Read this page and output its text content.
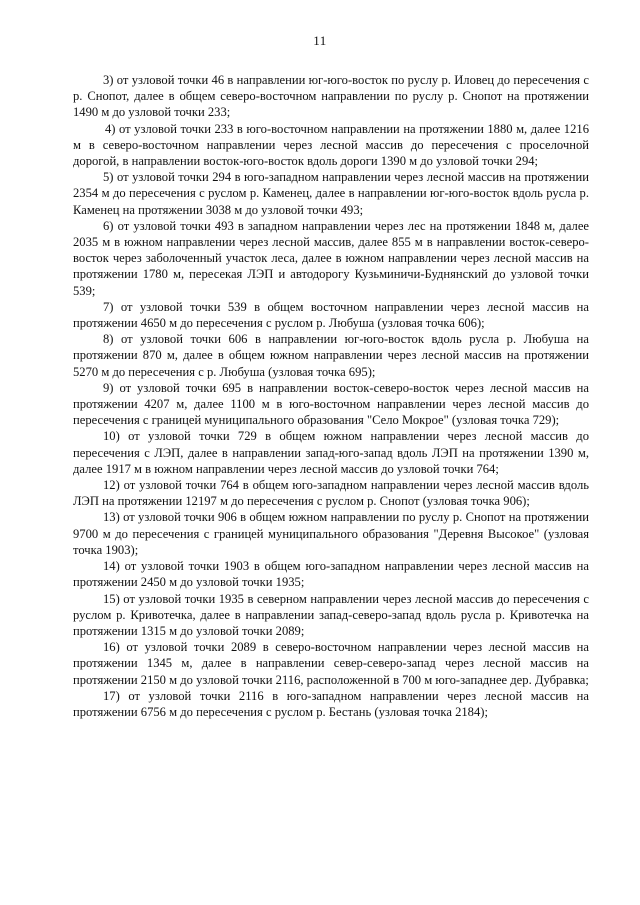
11

3) от узловой точки 46 в направлении юг-юго-восток по руслу р. Иловец до пересечения с р. Снопот, далее в общем северо-восточном направлении по руслу р. Снопот на протяжении 1490 м до узловой точки 233;

4) от узловой точки 233 в юго-восточном направлении на протяжении 1880 м, далее 1216 м в северо-восточном направлении через лесной массив до пересечения с проселочной дорогой, в направлении восток-юго-восток вдоль дороги 1390 м до узловой точки 294;

5) от узловой точки 294 в юго-западном направлении через лесной массив на протяжении 2354 м до пересечения с руслом р. Каменец, далее в направлении юг-юго-восток вдоль русла р. Каменец на протяжении 3038 м до узловой точки 493;

6) от узловой точки 493 в западном направлении через лес на протяжении 1848 м, далее 2035 м в южном направлении через лесной массив, далее 855 м в направлении восток-северо-восток через заболоченный участок леса, далее в южном направлении через лесной массив на протяжении 1780 м, пересекая ЛЭП и автодорогу Кузьминичи-Буднянский до узловой точки 539;

7) от узловой точки 539 в общем восточном направлении через лесной массив на протяжении 4650 м до пересечения с руслом р. Любуша (узловая точка 606);

8) от узловой точки 606 в направлении юг-юго-восток вдоль русла р. Любуша на протяжении 870 м, далее в общем южном направлении через лесной массив на протяжении 5270 м до пересечения с р. Любуша (узловая точка 695);

9) от узловой точки 695 в направлении восток-северо-восток через лесной массив на протяжении 4207 м, далее 1100 м в юго-восточном направлении через лесной массив до пересечения с границей муниципального образования "Село Мокрое" (узловая точка 729);

10) от узловой точки 729 в общем южном направлении через лесной массив до пересечения с ЛЭП, далее в направлении запад-юго-запад вдоль ЛЭП на протяжении 1390 м, далее 1917 м в южном направлении через лесной массив до узловой точки 764;

12) от узловой точки 764 в общем юго-западном направлении через лесной массив вдоль ЛЭП на протяжении 12197 м до пересечения с руслом р. Снопот (узловая точка 906);

13) от узловой точки 906 в общем южном направлении по руслу р. Снопот на протяжении 9700 м до пересечения с границей муниципального образования "Деревня Высокое" (узловая точка 1903);

14) от узловой точки 1903 в общем юго-западном направлении через лесной массив на протяжении 2450 м до узловой точки 1935;

15) от узловой точки 1935 в северном направлении через лесной массив до пересечения с руслом р. Кривотечка, далее в направлении запад-северо-запад вдоль русла р. Кривотечка на протяжении 1315 м до узловой точки 2089;

16) от узловой точки 2089 в северо-восточном направлении через лесной массив на протяжении 1345 м, далее в направлении север-северо-запад через лесной массив на протяжении 2150 м до узловой точки 2116, расположенной в 700 м юго-западнее дер. Дубравка;

17) от узловой точки 2116 в юго-западном направлении через лесной массив на протяжении 6756 м до пересечения с руслом р. Бестань (узловая точка 2184);
